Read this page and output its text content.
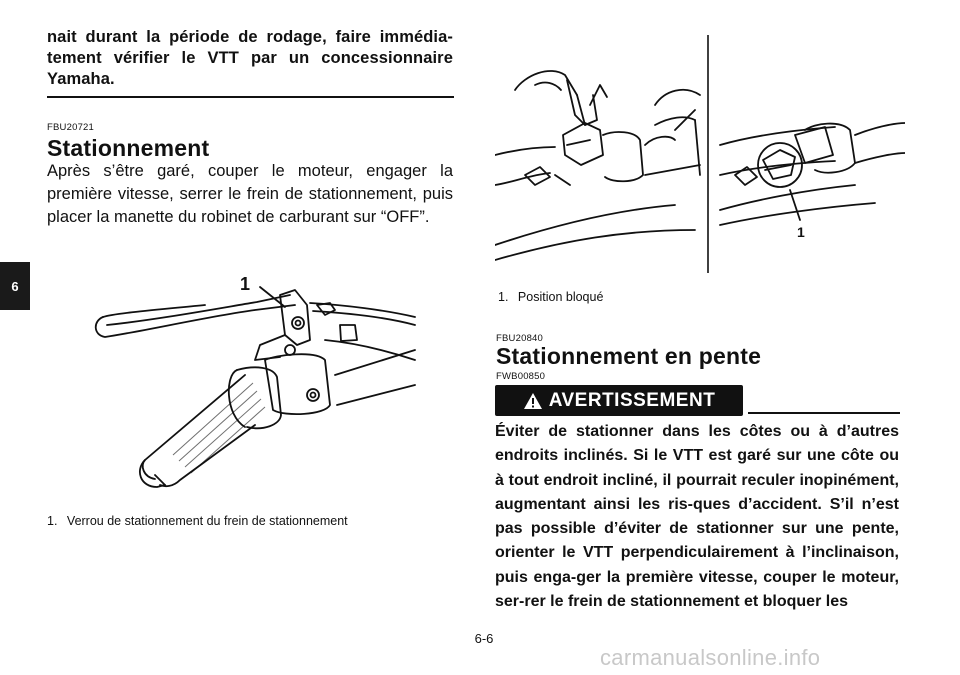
6
nait durant la période de rodage, faire immédia-tement vérifier le VTT par un concessionnaire Yamaha.
FBU20721
Stationnement
Après s’être garé, couper le moteur, engager la première vitesse, serrer le frein de stationnement, puis placer la manette du robinet de carburant sur “OFF”.
1
1. Verrou de stationnement du frein de stationnement
1
1. Position bloqué
FBU20840
Stationnement en pente
FWB00850
AVERTISSEMENT
Éviter de stationner dans les côtes ou à d’autres endroits inclinés. Si le VTT est garé sur une côte ou à tout endroit incliné, il pourrait reculer inopinément, augmentant ainsi les ris-ques d’accident. S’il n’est pas possible d’éviter de stationner sur une pente, orienter le VTT perpendiculairement à l’inclinaison, puis enga-ger la première vitesse, couper le moteur, ser-rer le frein de stationnement et bloquer les
6-6
carmanualsonline.info
